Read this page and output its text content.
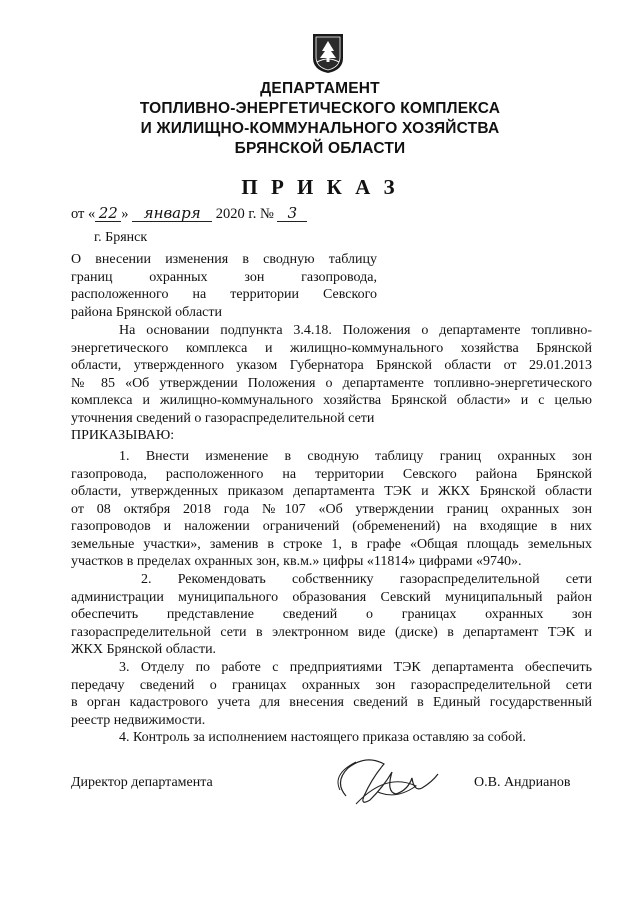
ДЕПАРТАМЕНТ
ТОПЛИВНО-ЭНЕРГЕТИЧЕСКОГО КОМПЛЕКСА
И ЖИЛИЩНО-КОММУНАЛЬНОГО ХОЗЯЙСТВА
БРЯНСКОЙ ОБЛАСТИ
П Р И К А З
от « 22 » января 2020 г. № 3
г. Брянск
О внесении изменения в сводную таблицу
границ     охранных     зон     газопровода,
расположенного   на   территории   Севского
района Брянской области
На основании подпункта 3.4.18. Положения о департаменте топливно-
энергетического комплекса и жилищно-коммунального хозяйства Брянской
области, утвержденного указом Губернатора Брянской области от 29.01.2013
№ 85 «Об утверждении Положения о департаменте топливно-энергетического
комплекса и жилищно-коммунального хозяйства Брянской области» и с целью
уточнения сведений о газораспределительной сети
ПРИКАЗЫВАЮ:
1. Внести изменение в сводную таблицу границ охранных зон
газопровода, расположенного на территории Севского района Брянской
области, утвержденных приказом департамента ТЭК и ЖКХ Брянской области
от 08 октября 2018 года №107 «Об утверждении границ охранных зон
газопроводов и наложении ограничений (обременений) на входящие в них
земельные участки», заменив в строке 1, в графе «Общая площадь земельных
участков в пределах охранных зон, кв.м.» цифры «11814» цифрами «9740».
2. Рекомендовать собственнику газораспределительной сети
администрации муниципального образования Севский муниципальный район
обеспечить представление сведений о границах охранных зон
газораспределительной сети в электронном виде (диске) в департамент ТЭК и
ЖКХ Брянской области.
3. Отделу по работе с предприятиями ТЭК департамента обеспечить
передачу сведений о границах охранных зон газораспределительной сети
в орган кадастрового учета для внесения сведений в Единый государственный
реестр недвижимости.
4. Контроль за исполнением настоящего приказа оставляю за собой.
Директор департамента	О.В. Андрианов
